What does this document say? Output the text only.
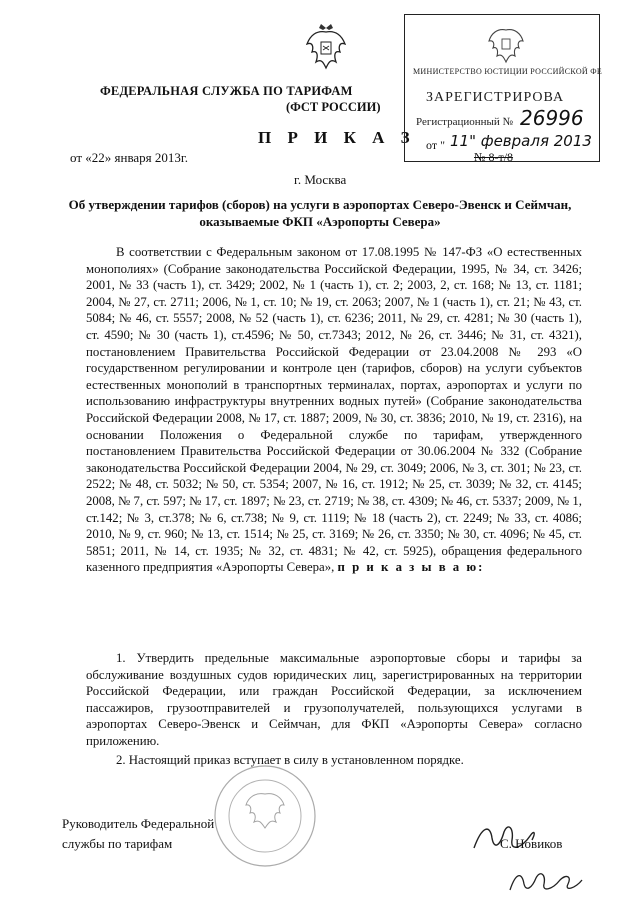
ФЕДЕРАЛЬНАЯ СЛУЖБА ПО ТАРИФАМ
(ФСТ РОССИИ)
П Р И К А З
от «22» января 2013г.
г. Москва
МИНИСТЕРСТВО ЮСТИЦИИ РОССИЙСКОЙ ФЕ
ЗАРЕГИСТРИРОВА
Регистрационный № 26996
от " 11" февраля 2013
№ 8-т/8
Об утверждении тарифов (сборов) на услуги в аэропортах Северо-Эвенск и Сеймчан, оказываемые ФКП «Аэропорты Севера»
В соответствии с Федеральным законом от 17.08.1995 № 147-ФЗ «О естественных монополиях» (Собрание законодательства Российской Федерации, 1995, № 34, ст. 3426; 2001, № 33 (часть 1), ст. 3429; 2002, № 1 (часть 1), ст. 2; 2003, 2, ст. 168; № 13, ст. 1181; 2004, № 27, ст. 2711; 2006, № 1, ст. 10; № 19, ст. 2063; 2007, № 1 (часть 1), ст. 21; № 43, ст. 5084; № 46, ст. 5557; 2008, № 52 (часть 1), ст. 6236; 2011, № 29, ст. 4281; № 30 (часть 1), ст. 4590; № 30 (часть 1), ст.4596; № 50, ст.7343; 2012, № 26, ст. 3446; № 31, ст. 4321), постановлением Правительства Российской Федерации от 23.04.2008 № 293 «О государственном регулировании и контроле цен (тарифов, сборов) на услуги субъектов естественных монополий в транспортных терминалах, портах, аэропортах и услуги по использованию инфраструктуры внутренних водных путей» (Собрание законодательства Российской Федерации 2008, № 17, ст. 1887; 2009, № 30, ст. 3836; 2010, № 19, ст. 2316), на основании Положения о Федеральной службе по тарифам, утвержденного постановлением Правительства Российской Федерации от 30.06.2004 № 332 (Собрание законодательства Российской Федерации 2004, № 29, ст. 3049; 2006, № 3, ст. 301; № 23, ст. 2522; № 48, ст. 5032; № 50, ст. 5354; 2007, № 16, ст. 1912; № 25, ст. 3039; № 32, ст. 4145; 2008, № 7, ст. 597; № 17, ст. 1897; № 23, ст. 2719; № 38, ст. 4309; № 46, ст. 5337; 2009, № 1, ст.142; № 3, ст.378; № 6, ст.738; № 9, ст. 1119; № 18 (часть 2), ст. 2249; № 33, ст. 4086; 2010, № 9, ст. 960; № 13, ст. 1514; № 25, ст. 3169; № 26, ст. 3350; № 30, ст. 4096; № 45, ст. 5851; 2011, № 14, ст. 1935; № 32, ст. 4831; № 42, ст. 5925), обращения федерального казенного предприятия «Аэропорты Севера», п р и к а з ы в а ю:
1. Утвердить предельные максимальные аэропортовые сборы и тарифы за обслуживание воздушных судов юридических лиц, зарегистрированных на территории Российской Федерации, или граждан Российской Федерации, за исключением пассажиров, грузоотправителей и грузополучателей, пользующихся услугами в аэропортах Северо-Эвенск и Сеймчан, для ФКП «Аэропорты Севера» согласно приложению.
2. Настоящий приказ вступает в силу в установленном порядке.
Руководитель Федеральной
службы по тарифам	С. Новиков
